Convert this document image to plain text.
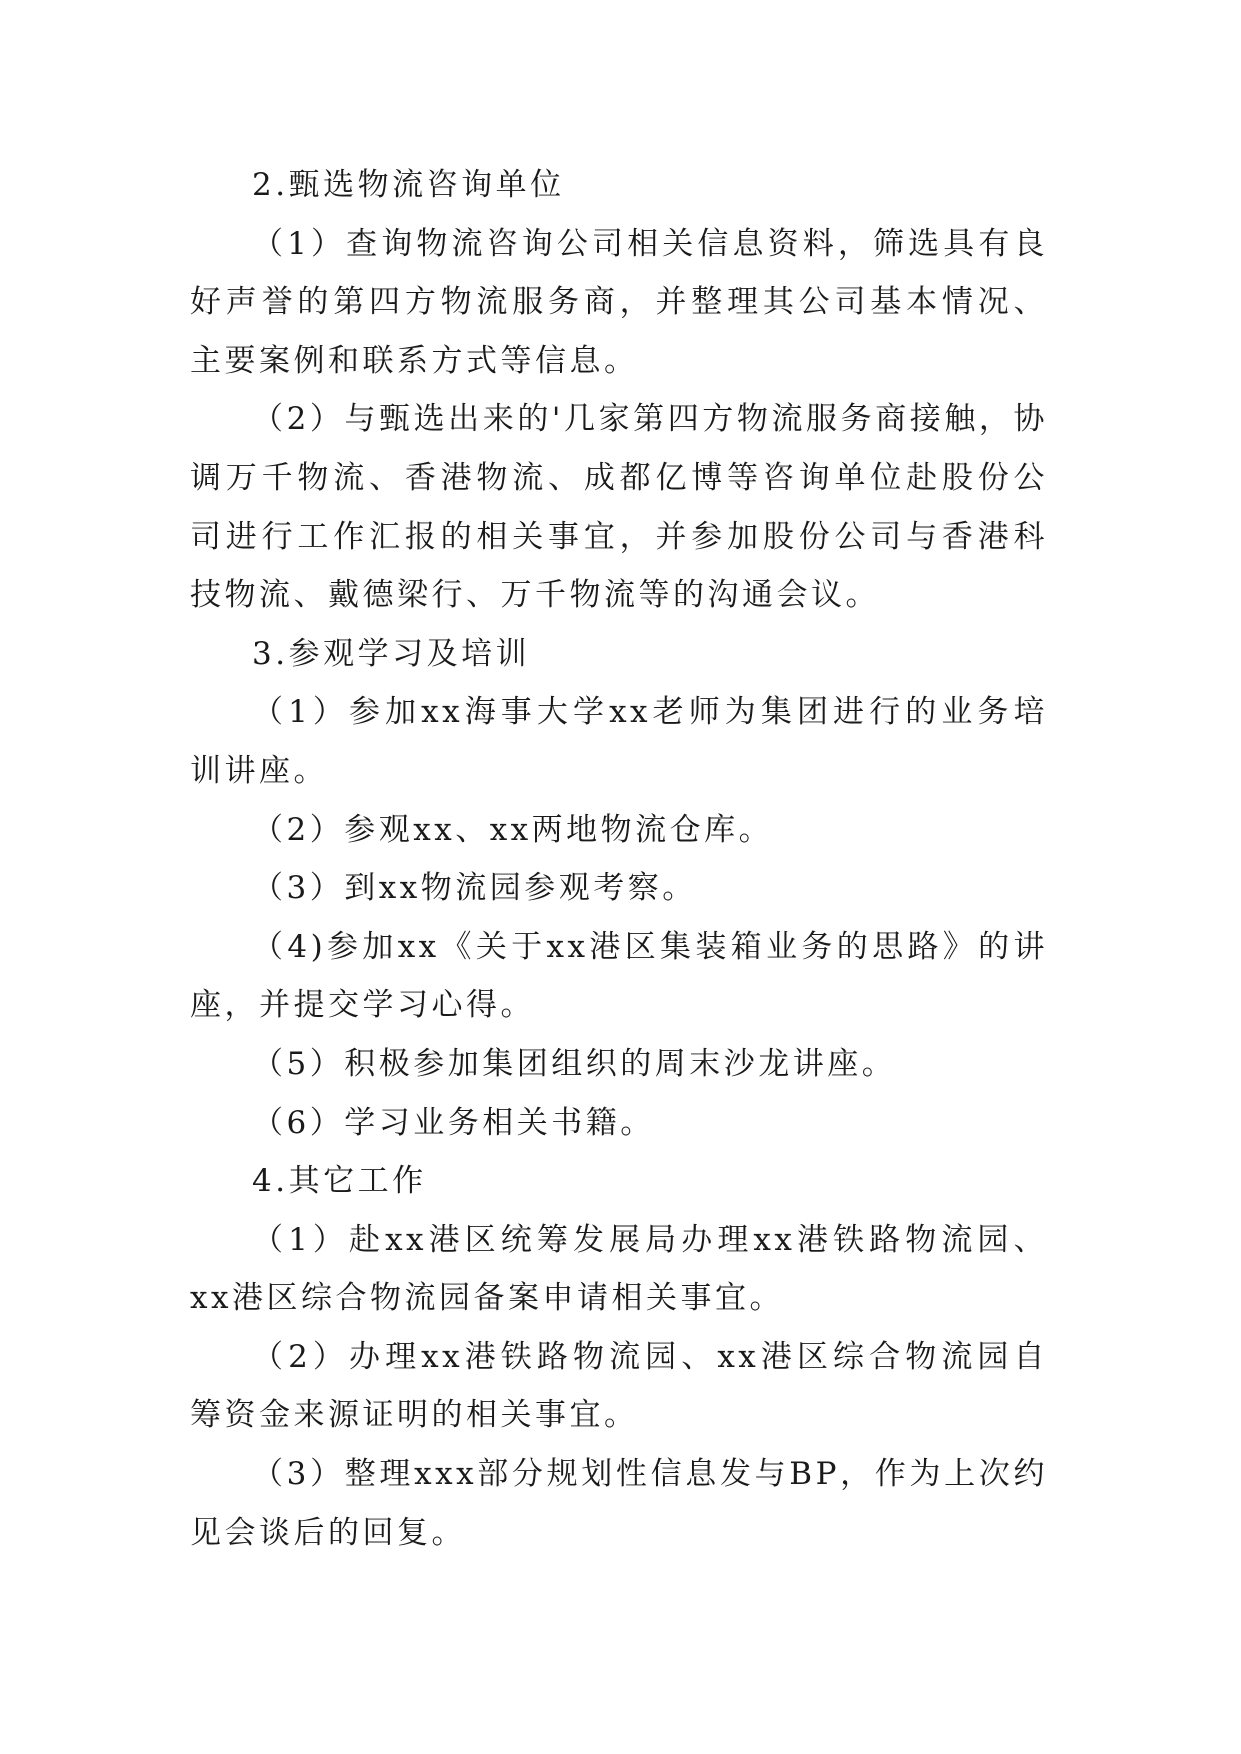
2.甄选物流咨询单位

（1）查询物流咨询公司相关信息资料，筛选具有良好声誉的第四方物流服务商，并整理其公司基本情况、主要案例和联系方式等信息。

（2）与甄选出来的'几家第四方物流服务商接触，协调万千物流、香港物流、成都亿博等咨询单位赴股份公司进行工作汇报的相关事宜，并参加股份公司与香港科技物流、戴德梁行、万千物流等的沟通会议。

3.参观学习及培训

（1）参加xx海事大学xx老师为集团进行的业务培训讲座。

（2）参观xx、xx两地物流仓库。

（3）到xx物流园参观考察。

（4)参加xx《关于xx港区集装箱业务的思路》的讲座，并提交学习心得。

（5）积极参加集团组织的周末沙龙讲座。

（6）学习业务相关书籍。

4.其它工作

（1）赴xx港区统筹发展局办理xx港铁路物流园、xx港区综合物流园备案申请相关事宜。

（2）办理xx港铁路物流园、xx港区综合物流园自筹资金来源证明的相关事宜。

（3）整理xxx部分规划性信息发与BP，作为上次约见会谈后的回复。
